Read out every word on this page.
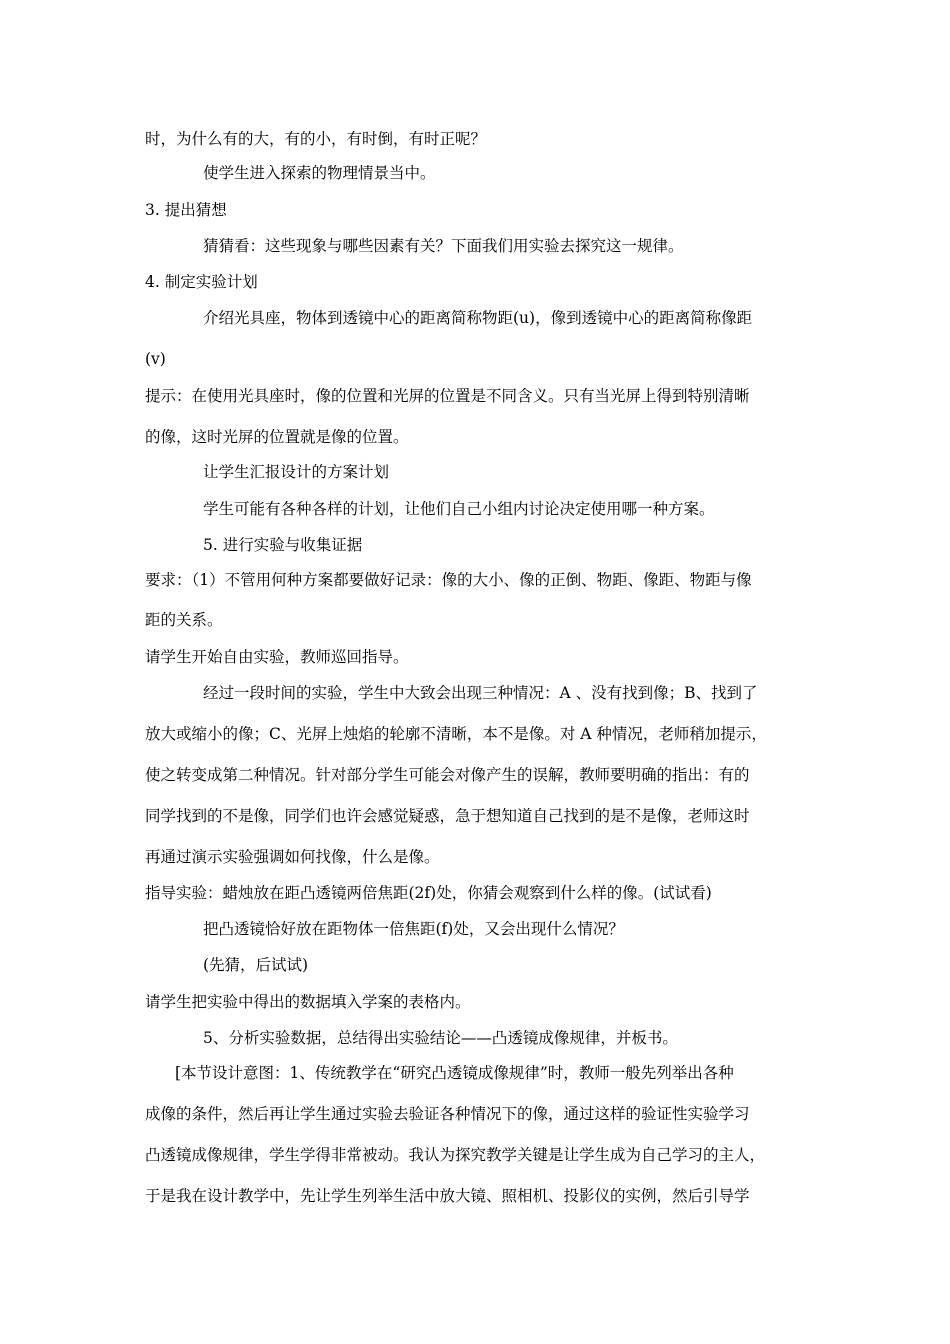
时，为什么有的大，有的小，有时倒，有时正呢？
使学生进入探索的物理情景当中。
3. 提出猜想
猜猜看：这些现象与哪些因素有关？下面我们用实验去探究这一规律。
4. 制定实验计划
介绍光具座，物体到透镜中心的距离简称物距(u)，像到透镜中心的距离简称像距
(v)
提示：在使用光具座时，像的位置和光屏的位置是不同含义。只有当光屏上得到特别清晰
的像，这时光屏的位置就是像的位置。
让学生汇报设计的方案计划
学生可能有各种各样的计划，让他们自己小组内讨论决定使用哪一种方案。
5. 进行实验与收集证据
要求：（1）不管用何种方案都要做好记录：像的大小、像的正倒、物距、像距、物距与像
距的关系。
请学生开始自由实验，教师巡回指导。
经过一段时间的实验，学生中大致会出现三种情况：A 、没有找到像；B、找到了
放大或缩小的像；C、光屏上烛焰的轮廓不清晰，本不是像。对 A 种情况，老师稍加提示，
使之转变成第二种情况。针对部分学生可能会对像产生的误解，教师要明确的指出：有的
同学找到的不是像，同学们也许会感觉疑惑，急于想知道自己找到的是不是像，老师这时
再通过演示实验强调如何找像，什么是像。
指导实验：蜡烛放在距凸透镜两倍焦距(2f)处，你猜会观察到什么样的像。(试试看)
把凸透镜恰好放在距物体一倍焦距(f)处，又会出现什么情况？
(先猜，后试试)
请学生把实验中得出的数据填入学案的表格内。
5、分析实验数据，总结得出实验结论——凸透镜成像规律，并板书。
[本节设计意图：1、传统教学在“研究凸透镜成像规律”时，教师一般先列举出各种
成像的条件，然后再让学生通过实验去验证各种情况下的像，通过这样的验证性实验学习
凸透镜成像规律，学生学得非常被动。我认为探究教学关键是让学生成为自己学习的主人，
于是我在设计教学中，先让学生列举生活中放大镜、照相机、投影仪的实例，然后引导学
